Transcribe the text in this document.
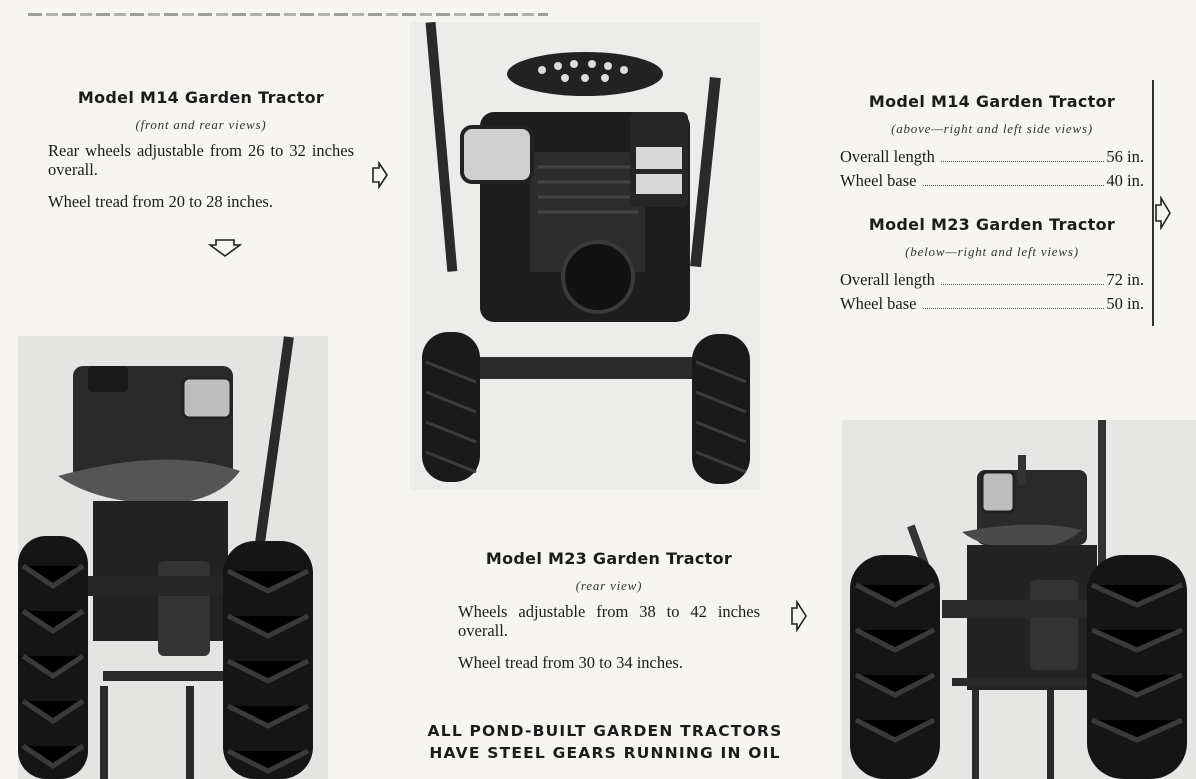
Model M14 Garden Tractor

(front and rear views)

Rear wheels adjustable from 26 to 32 inches overall.

Wheel tread from 20 to 28 inches.

Model M14 Garden Tractor

(above—right and left side views)

Overall length	56 in.
Wheel base	40 in.

Model M23 Garden Tractor

(below—right and left views)

Overall length	72 in.
Wheel base	50 in.

Model M23 Garden Tractor

(rear view)

Wheels adjustable from 38 to 42 inches overall.

Wheel tread from 30 to 34 inches.

ALL POND-BUILT GARDEN TRACTORS
HAVE STEEL GEARS RUNNING IN OIL
